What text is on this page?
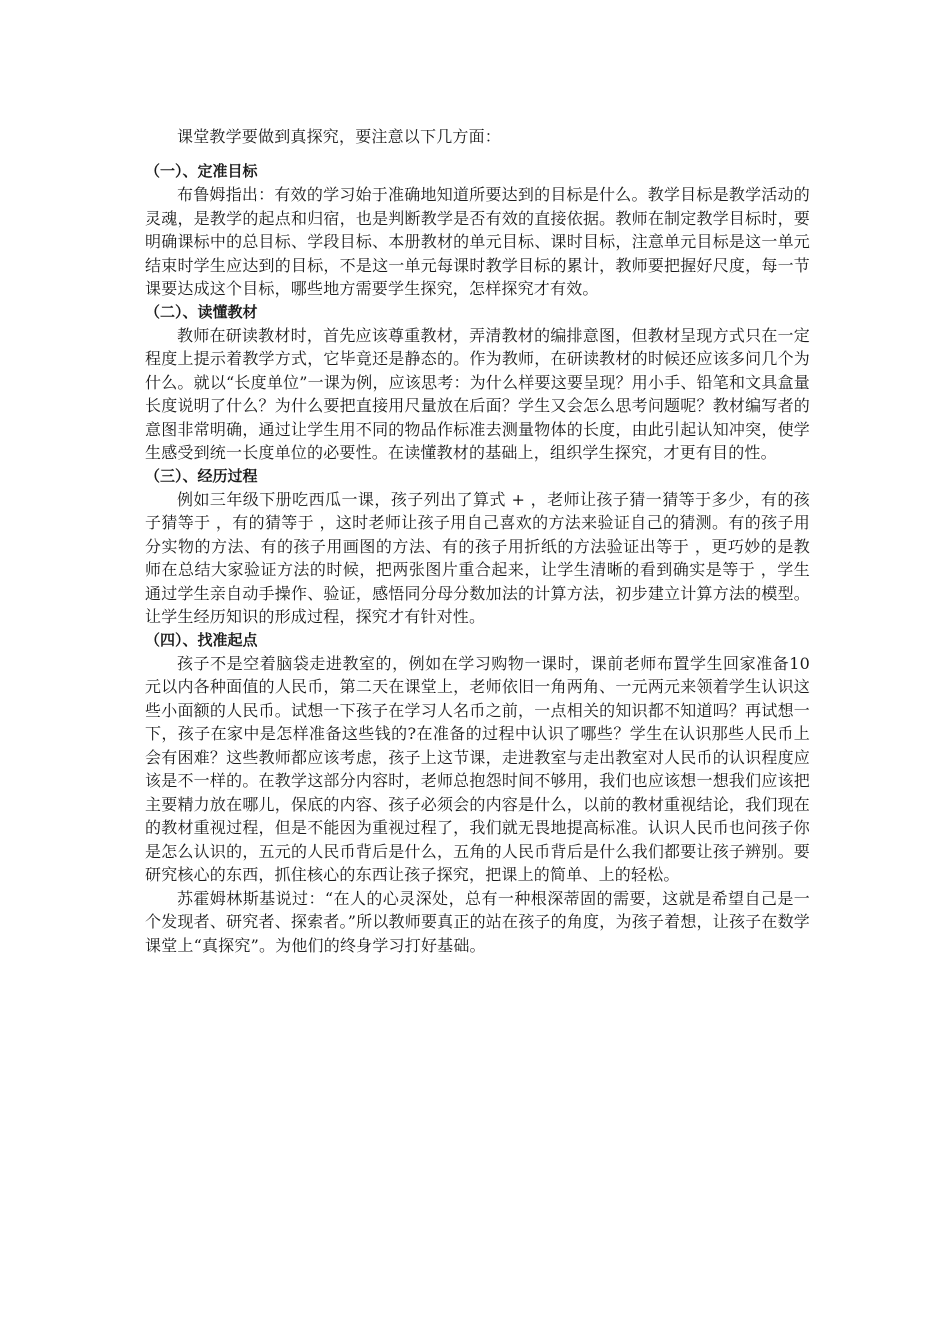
课堂教学要做到真探究，要注意以下几方面：

（一）、定准目标

布鲁姆指出：有效的学习始于准确地知道所要达到的目标是什么。教学目标是教学活动的灵魂，是教学的起点和归宿，也是判断教学是否有效的直接依据。教师在制定教学目标时，要明确课标中的总目标、学段目标、本册教材的单元目标、课时目标，注意单元目标是这一单元结束时学生应达到的目标，不是这一单元每课时教学目标的累计，教师要把握好尺度，每一节课要达成这个目标，哪些地方需要学生探究，怎样探究才有效。

（二）、读懂教材

教师在研读教材时，首先应该尊重教材，弄清教材的编排意图，但教材呈现方式只在一定程度上提示着教学方式，它毕竟还是静态的。作为教师，在研读教材的时候还应该多问几个为什么。就以“长度单位”一课为例，应该思考：为什么样要这要呈现？用小手、铅笔和文具盒量长度说明了什么？为什么要把直接用尺量放在后面？学生又会怎么思考问题呢？教材编写者的意图非常明确，通过让学生用不同的物品作标准去测量物体的长度，由此引起认知冲突，使学生感受到统一长度单位的必要性。在读懂教材的基础上，组织学生探究，才更有目的性。

（三）、经历过程

例如三年级下册吃西瓜一课，孩子列出了算式 + ，老师让孩子猜一猜等于多少，有的孩子猜等于 ，有的猜等于 ，这时老师让孩子用自己喜欢的方法来验证自己的猜测。有的孩子用分实物的方法、有的孩子用画图的方法、有的孩子用折纸的方法验证出等于 ，更巧妙的是教师在总结大家验证方法的时候，把两张图片重合起来，让学生清晰的看到确实是等于 ，学生通过学生亲自动手操作、验证，感悟同分母分数加法的计算方法，初步建立计算方法的模型。让学生经历知识的形成过程，探究才有针对性。

（四）、找准起点

孩子不是空着脑袋走进教室的，例如在学习购物一课时，课前老师布置学生回家准备10元以内各种面值的人民币，第二天在课堂上，老师依旧一角两角、一元两元来领着学生认识这些小面额的人民币。试想一下孩子在学习人名币之前，一点相关的知识都不知道吗？再试想一下，孩子在家中是怎样准备这些钱的?在准备的过程中认识了哪些？学生在认识那些人民币上会有困难？这些教师都应该考虑，孩子上这节课，走进教室与走出教室对人民币的认识程度应该是不一样的。在教学这部分内容时，老师总抱怨时间不够用，我们也应该想一想我们应该把主要精力放在哪儿，保底的内容、孩子必须会的内容是什么，以前的教材重视结论，我们现在的教材重视过程，但是不能因为重视过程了，我们就无畏地提高标准。认识人民币也问孩子你是怎么认识的，五元的人民币背后是什么，五角的人民币背后是什么我们都要让孩子辨别。要研究核心的东西，抓住核心的东西让孩子探究，把课上的简单、上的轻松。

苏霍姆林斯基说过：“在人的心灵深处，总有一种根深蒂固的需要，这就是希望自己是一个发现者、研究者、探索者。”所以教师要真正的站在孩子的角度，为孩子着想，让孩子在数学课堂上“真探究”。为他们的终身学习打好基础。
